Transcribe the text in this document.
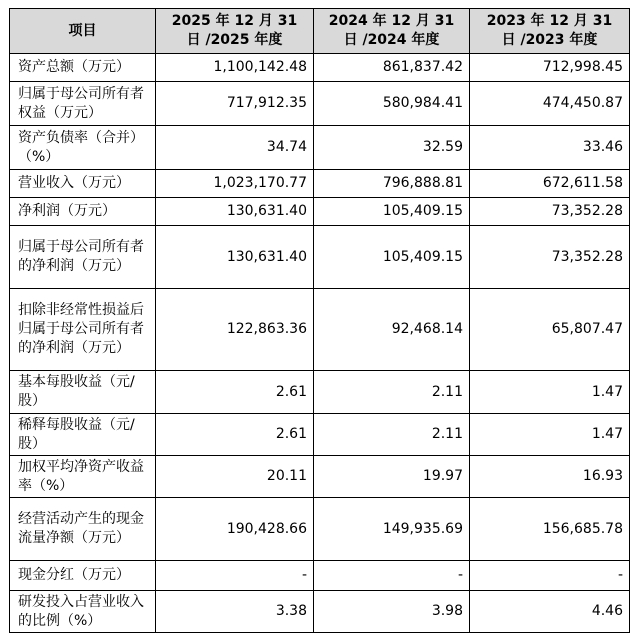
项目	2025 年 12 月 31 日 /2025 年度	2024 年 12 月 31 日 /2024 年度	2023 年 12 月 31 日 /2023 年度
资产总额（万元）	1,100,142.48	861,837.42	712,998.45
归属于母公司所有者权益（万元）	717,912.35	580,984.41	474,450.87
资产负债率（合并）（%）	34.74	32.59	33.46
营业收入（万元）	1,023,170.77	796,888.81	672,611.58
净利润（万元）	130,631.40	105,409.15	73,352.28
归属于母公司所有者的净利润（万元）	130,631.40	105,409.15	73,352.28
扣除非经常性损益后归属于母公司所有者的净利润（万元）	122,863.36	92,468.14	65,807.47
基本每股收益（元/股）	2.61	2.11	1.47
稀释每股收益（元/股）	2.61	2.11	1.47
加权平均净资产收益率（%）	20.11	19.97	16.93
经营活动产生的现金流量净额（万元）	190,428.66	149,935.69	156,685.78
现金分红（万元）	-	-	-
研发投入占营业收入的比例（%）	3.38	3.98	4.46
